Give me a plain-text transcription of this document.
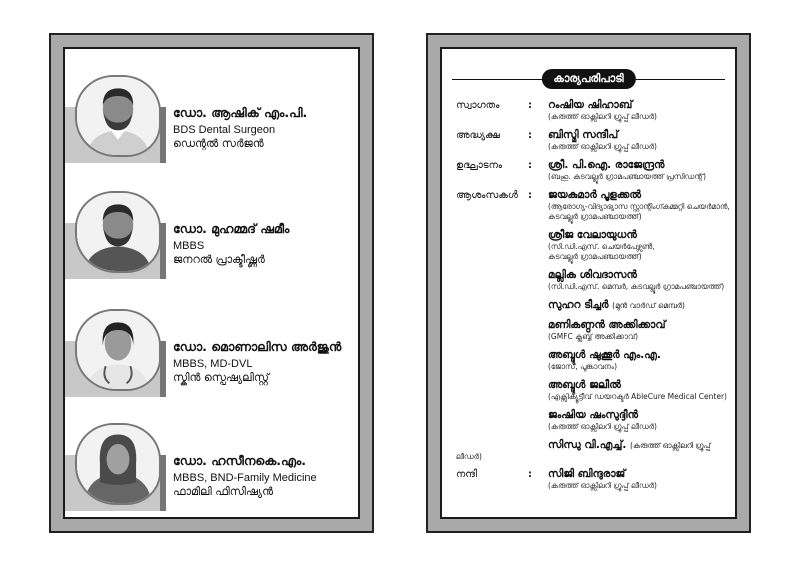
ഡോ. ആഷിക് എം.പി.
BDS Dental Surgeon
ഡെന്റൽ സർജൻ
ഡോ. മുഹമ്മദ് ഷമീം
MBBS
ജനറൽ പ്രാക്ടീഷ്ണർ
ഡോ. മൊണാലിസ അർജുൻ
MBBS, MD-DVL
സ്കിൻ സ്പെഷ്യലിസ്റ്റ്
ഡോ. ഹസീനകെ.എം.
MBBS, BND-Family Medicine
ഫാമിലി ഫിസിഷ്യൻ
കാര്യപരിപാടി
സ്വാഗതം	:	റംഷിയ ഷിഹാബ്
(കരുത്ത് ഓക്സിലറി ഗ്രൂപ്പ് ലീഡർ)
അദ്ധ്യക്ഷ	:	ബിസ്മി സന്ദീപ്
(കരുത്ത് ഓക്സിലറി ഗ്രൂപ്പ് ലീഡർ)
ഉദ്ഘാടനം	:	ശ്രീ. പി.ഐ. രാജേന്ദ്രൻ
(ബഹു. കടവല്ലൂർ ഗ്രാമപഞ്ചായത്ത് പ്രസിഡന്റ്)
ആശംസകൾ	:	ജയകുമാർ പൂളക്കൽ
(ആരോഗ്യ-വിദ്യാഭ്യാസ സ്റ്റാന്റിംഗ്കമ്മറ്റി ചെയർമാൻ,
കടവല്ലൂർ ഗ്രാമപഞ്ചായത്ത്)
ശ്രീജ വേലായുധൻ
(സി.ഡി.എസ്. ചെയർപേഴ്സൺ,
കടവല്ലൂർ ഗ്രാമപഞ്ചായത്ത്)
മല്ലിക ശിവദാസൻ
(സി.ഡി.എസ്. മെമ്പർ, കടവല്ലൂർ ഗ്രാമപഞ്ചായത്ത്)
സുഹറ ടീച്ചർ (മുൻ വാർഡ് മെമ്പർ)
മണികണ്ഠൻ അക്കിക്കാവ്
(GMFC ക്ലബ്ബ് അക്കിക്കാവ്)
അബ്ദുൾ ഷുക്കൂർ എം.എ.
(ജോസ്, പൂങ്കാവനം)
അബ്ദുൾ ജലീൽ
(എക്സിക്യൂട്ടീവ് ഡയറക്ടർ AbleCure Medical Center)
ജംഷിയ ഷംസുദ്ദീൻ
(കരുത്ത് ഓക്സിലറി ഗ്രൂപ്പ് ലീഡർ)
സിന്ധു വി.എച്ച്. (കരുത്ത് ഓക്സിലറി ഗ്രൂപ്പ്
ലീഡർ)
നന്ദി	:	സിജി ബിന്ദുരാജ്
(കരുത്ത് ഓക്സിലറി ഗ്രൂപ്പ് ലീഡർ)
